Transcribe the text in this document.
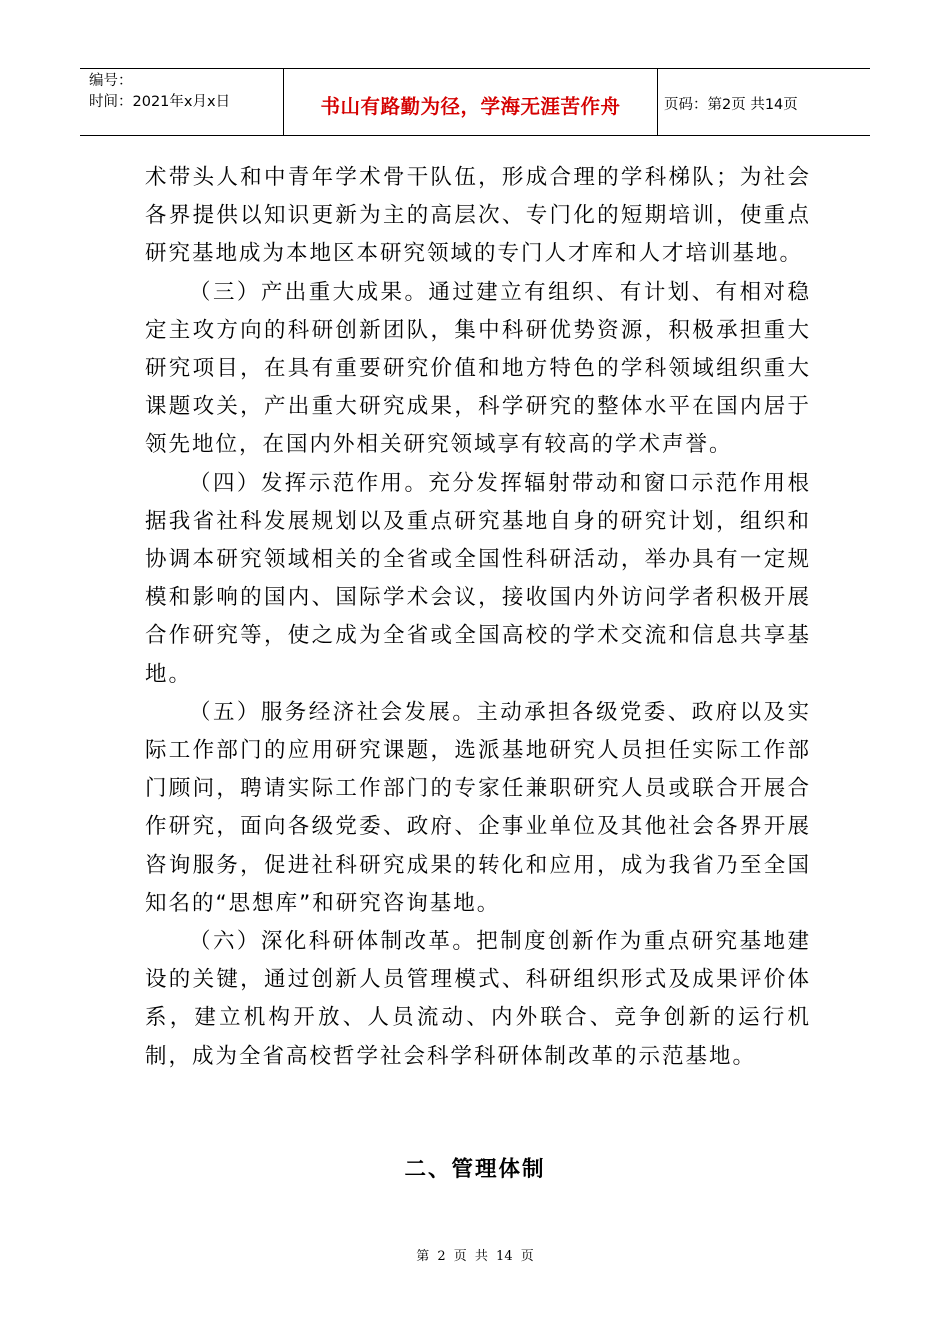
编号：
时间：2021年x月x日	书山有路勤为径，学海无涯苦作舟	页码：第2页 共14页

术带头人和中青年学术骨干队伍，形成合理的学科梯队；为社会各界提供以知识更新为主的高层次、专门化的短期培训，使重点研究基地成为本地区本研究领域的专门人才库和人才培训基地。

（三）产出重大成果。通过建立有组织、有计划、有相对稳定主攻方向的科研创新团队，集中科研优势资源，积极承担重大研究项目，在具有重要研究价值和地方特色的学科领域组织重大课题攻关，产出重大研究成果，科学研究的整体水平在国内居于领先地位，在国内外相关研究领域享有较高的学术声誉。

（四）发挥示范作用。充分发挥辐射带动和窗口示范作用根据我省社科发展规划以及重点研究基地自身的研究计划，组织和协调本研究领域相关的全省或全国性科研活动，举办具有一定规模和影响的国内、国际学术会议，接收国内外访问学者积极开展合作研究等，使之成为全省或全国高校的学术交流和信息共享基地。

（五）服务经济社会发展。主动承担各级党委、政府以及实际工作部门的应用研究课题，选派基地研究人员担任实际工作部门顾问，聘请实际工作部门的专家任兼职研究人员或联合开展合作研究，面向各级党委、政府、企事业单位及其他社会各界开展咨询服务，促进社科研究成果的转化和应用，成为我省乃至全国知名的“思想库”和研究咨询基地。

（六）深化科研体制改革。把制度创新作为重点研究基地建设的关键，通过创新人员管理模式、科研组织形式及成果评价体系，建立机构开放、人员流动、内外联合、竞争创新的运行机制，成为全省高校哲学社会科学科研体制改革的示范基地。

二、管理体制
第 2 页 共 14 页
